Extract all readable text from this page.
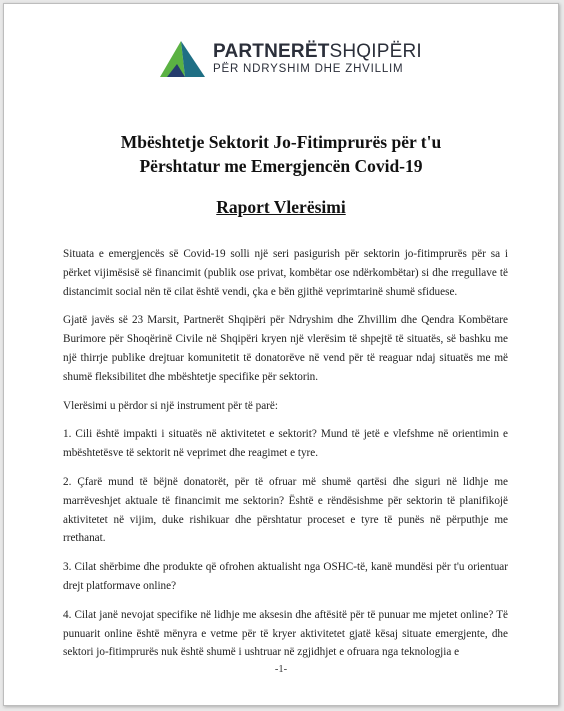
PARTNERËTSHQIPËRI
PËR NDRYSHIM DHE ZHVILLIM
Mbështetje Sektorit Jo-Fitimprurës për t'u
Përshtatur me Emergjencën Covid-19
Raport Vlerësimi

Situata e emergjencës së Covid-19 solli një seri pasigurish për sektorin jo-fitimprurës për sa i përket vijimësisë së financimit (publik ose privat, kombëtar ose ndërkombëtar) si dhe rregullave të distancimit social nën të cilat është vendi, çka e bën gjithë veprimtarinë shumë sfiduese.

Gjatë javës së 23 Marsit, Partnerët Shqipëri për Ndryshim dhe Zhvillim dhe Qendra Kombëtare Burimore për Shoqërinë Civile në Shqipëri kryen një vlerësim të shpejtë të situatës, së bashku me një thirrje publike drejtuar komunitetit të donatorëve në vend për të reaguar ndaj situatës me më shumë fleksibilitet dhe mbështetje specifike për sektorin.

Vlerësimi u përdor si një instrument për të parë:

1. Cili është impakti i situatës në aktivitetet e sektorit? Mund të jetë e vlefshme në orientimin e mbështetësve të sektorit në veprimet dhe reagimet e tyre.

2. Çfarë mund të bëjnë donatorët, për të ofruar më shumë qartësi dhe siguri në lidhje me marrëveshjet aktuale të financimit me sektorin? Është e rëndësishme për sektorin të planifikojë aktivitetet në vijim, duke rishikuar dhe përshtatur proceset e tyre të punës në përputhje me rrethanat.

3. Cilat shërbime dhe produkte që ofrohen aktualisht nga OSHC-të, kanë mundësi për t'u orientuar drejt platformave online?

4. Cilat janë nevojat specifike në lidhje me aksesin dhe aftësitë për të punuar me mjetet online? Të punuarit online është mënyra e vetme për të kryer aktivitetet gjatë kësaj situate emergjente, dhe sektori jo-fitimprurës nuk është shumë i ushtruar në zgjidhjet e ofruara nga teknologjia e

-1-
